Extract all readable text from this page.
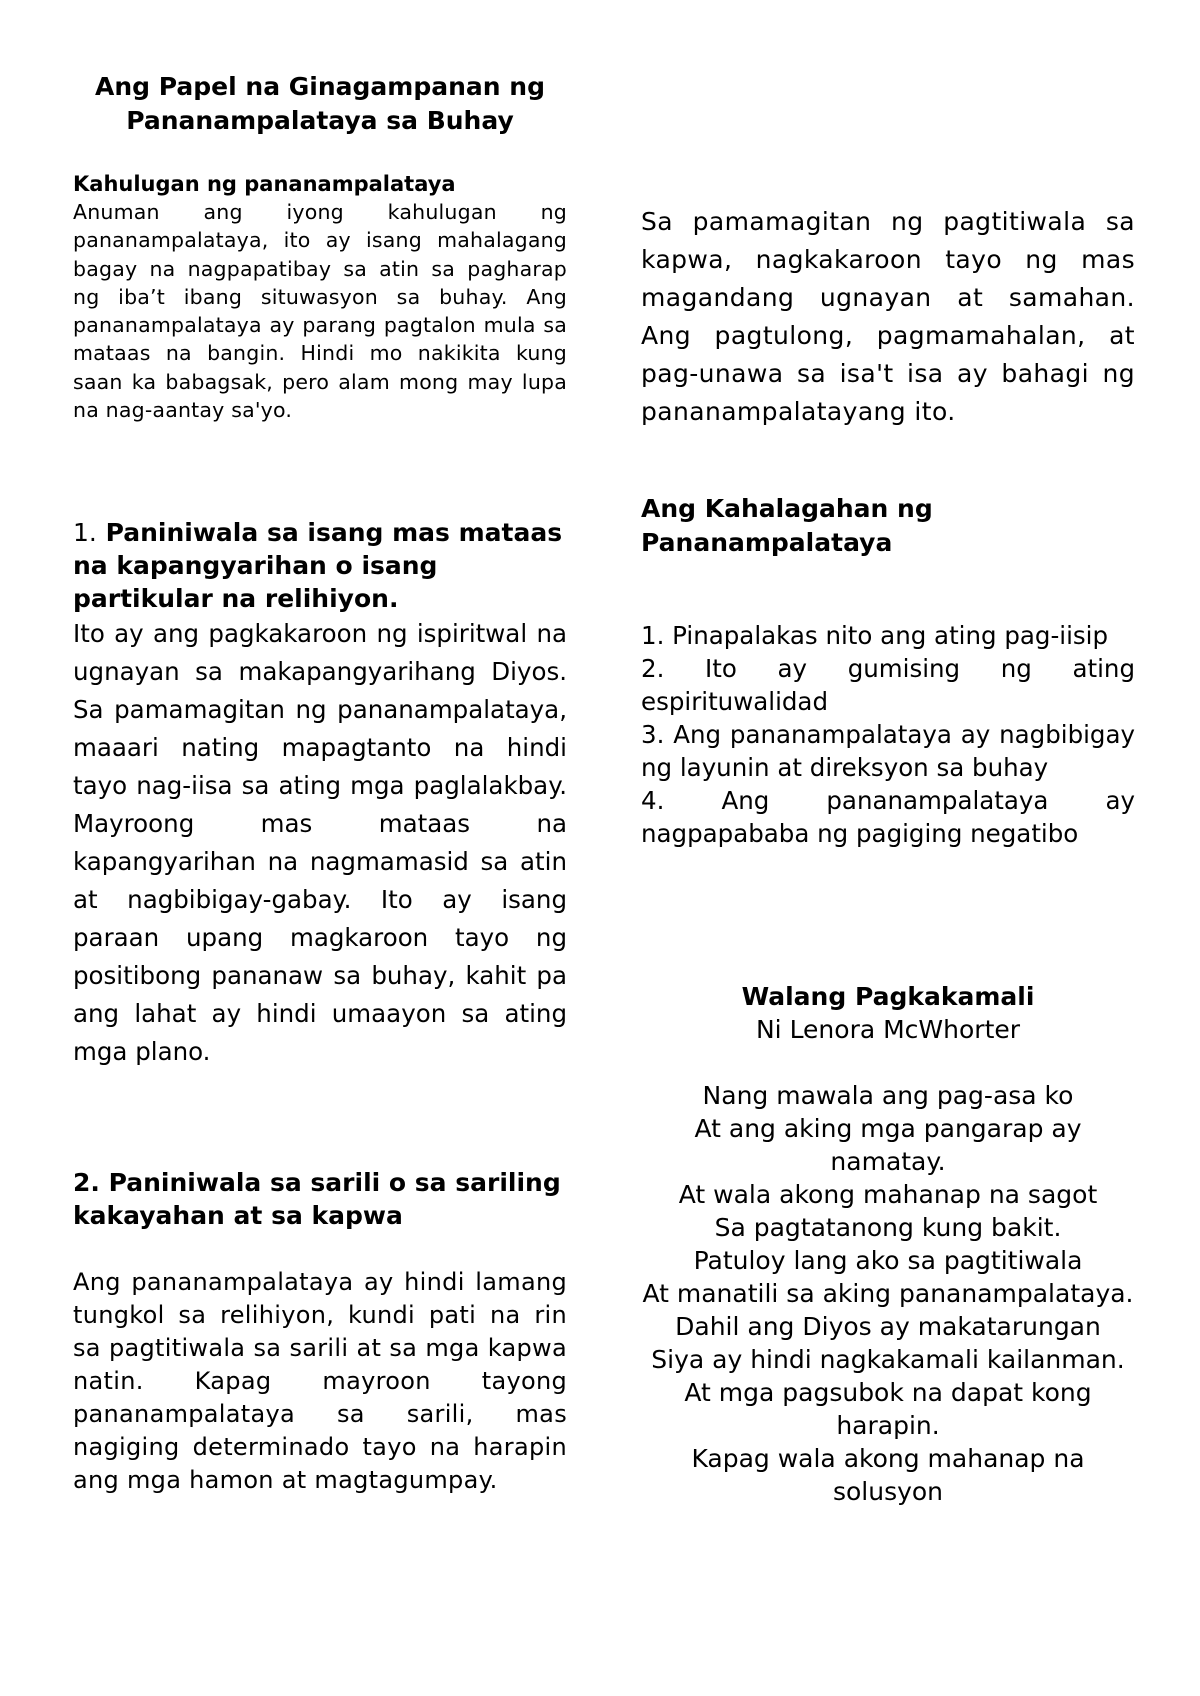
Ang Papel na Ginagampanan ng Pananampalataya sa Buhay
Kahulugan ng pananampalataya
Anuman ang iyong kahulugan ng pananampalataya, ito ay isang mahalagang bagay na nagpapatibay sa atin sa pagharap ng iba’t ibang situwasyon sa buhay. Ang pananampalataya ay parang pagtalon mula sa mataas na bangin. Hindi mo nakikita kung saan ka babagsak, pero alam mong may lupa na nag-aantay sa'yo.
1. Paniniwala sa isang mas mataas na kapangyarihan o isang partikular na relihiyon.
Ito ay ang pagkakaroon ng ispiritwal na ugnayan sa makapangyarihang Diyos. Sa pamamagitan ng pananampalataya, maaari nating mapagtanto na hindi tayo nag-iisa sa ating mga paglalakbay. Mayroong mas mataas na kapangyarihan na nagmamasid sa atin at nagbibigay-gabay. Ito ay isang paraan upang magkaroon tayo ng positibong pananaw sa buhay, kahit pa ang lahat ay hindi umaayon sa ating mga plano.
2. Paniniwala sa sarili o sa sariling kakayahan at sa kapwa
Ang pananampalataya ay hindi lamang tungkol sa relihiyon, kundi pati na rin sa pagtitiwala sa sarili at sa mga kapwa natin. Kapag mayroon tayong pananampalataya sa sarili, mas nagiging determinado tayo na harapin ang mga hamon at magtagumpay.
Sa pamamagitan ng pagtitiwala sa kapwa, nagkakaroon tayo ng mas magandang ugnayan at samahan. Ang pagtulong, pagmamahalan, at pag-unawa sa isa't isa ay bahagi ng pananampalatayang ito.
Ang Kahalagahan ng Pananampalataya
1. Pinapalakas nito ang ating pag-iisip
2. Ito ay gumising ng ating espirituwalidad
3. Ang pananampalataya ay nagbibigay ng layunin at direksyon sa buhay
4. Ang pananampalataya ay nagpapababa ng pagiging negatibo
Walang Pagkakamali
Ni Lenora McWhorter
Nang mawala ang pag-asa ko
At ang aking mga pangarap ay namatay.
At wala akong mahanap na sagot
Sa pagtatanong kung bakit.
Patuloy lang ako sa pagtitiwala
At manatili sa aking pananampalataya.
Dahil ang Diyos ay makatarungan
Siya ay hindi nagkakamali kailanman.
At mga pagsubok na dapat kong harapin.
Kapag wala akong mahanap na solusyon
